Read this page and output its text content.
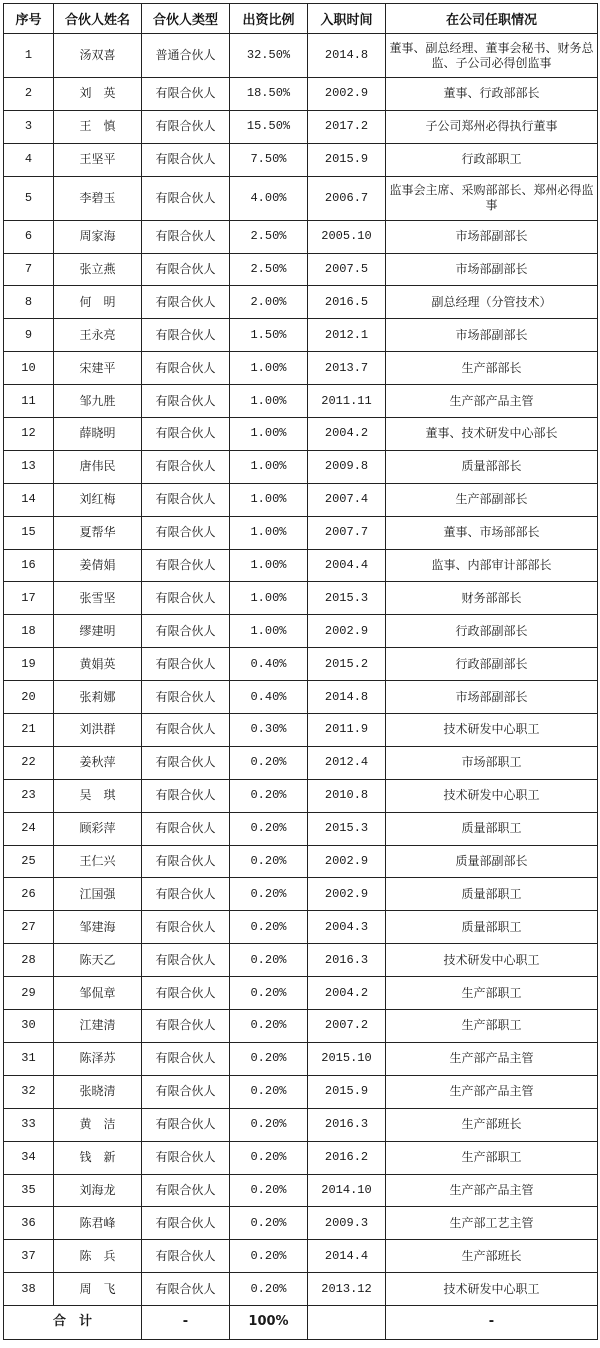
序号	合伙人姓名	合伙人类型	出资比例	入职时间	在公司任职情况
1	汤双喜	普通合伙人	32.50%	2014.8	董事、副总经理、董事会秘书、财务总监、子公司必得创监事
2	刘　英	有限合伙人	18.50%	2002.9	董事、行政部部长
3	王　慎	有限合伙人	15.50%	2017.2	子公司郑州必得执行董事
4	王坚平	有限合伙人	7.50%	2015.9	行政部职工
5	李碧玉	有限合伙人	4.00%	2006.7	监事会主席、采购部部长、郑州必得监事
6	周家海	有限合伙人	2.50%	2005.10	市场部副部长
7	张立燕	有限合伙人	2.50%	2007.5	市场部副部长
8	何　明	有限合伙人	2.00%	2016.5	副总经理（分管技术）
9	王永亮	有限合伙人	1.50%	2012.1	市场部副部长
10	宋建平	有限合伙人	1.00%	2013.7	生产部部长
11	邹九胜	有限合伙人	1.00%	2011.11	生产部产品主管
12	薛晓明	有限合伙人	1.00%	2004.2	董事、技术研发中心部长
13	唐伟民	有限合伙人	1.00%	2009.8	质量部部长
14	刘红梅	有限合伙人	1.00%	2007.4	生产部副部长
15	夏帮华	有限合伙人	1.00%	2007.7	董事、市场部部长
16	姜倩娟	有限合伙人	1.00%	2004.4	监事、内部审计部部长
17	张雪坚	有限合伙人	1.00%	2015.3	财务部部长
18	缪建明	有限合伙人	1.00%	2002.9	行政部副部长
19	黄娟英	有限合伙人	0.40%	2015.2	行政部副部长
20	张莉娜	有限合伙人	0.40%	2014.8	市场部副部长
21	刘洪群	有限合伙人	0.30%	2011.9	技术研发中心职工
22	姜秋萍	有限合伙人	0.20%	2012.4	市场部职工
23	吴　琪	有限合伙人	0.20%	2010.8	技术研发中心职工
24	顾彩萍	有限合伙人	0.20%	2015.3	质量部职工
25	王仁兴	有限合伙人	0.20%	2002.9	质量部副部长
26	江国强	有限合伙人	0.20%	2002.9	质量部职工
27	邹建海	有限合伙人	0.20%	2004.3	质量部职工
28	陈天乙	有限合伙人	0.20%	2016.3	技术研发中心职工
29	邹侃章	有限合伙人	0.20%	2004.2	生产部职工
30	江建清	有限合伙人	0.20%	2007.2	生产部职工
31	陈泽苏	有限合伙人	0.20%	2015.10	生产部产品主管
32	张晓清	有限合伙人	0.20%	2015.9	生产部产品主管
33	黄　洁	有限合伙人	0.20%	2016.3	生产部班长
34	钱　新	有限合伙人	0.20%	2016.2	生产部职工
35	刘海龙	有限合伙人	0.20%	2014.10	生产部产品主管
36	陈君峰	有限合伙人	0.20%	2009.3	生产部工艺主管
37	陈　兵	有限合伙人	0.20%	2014.4	生产部班长
38	周　飞	有限合伙人	0.20%	2013.12	技术研发中心职工
合　计		-	100%		-
